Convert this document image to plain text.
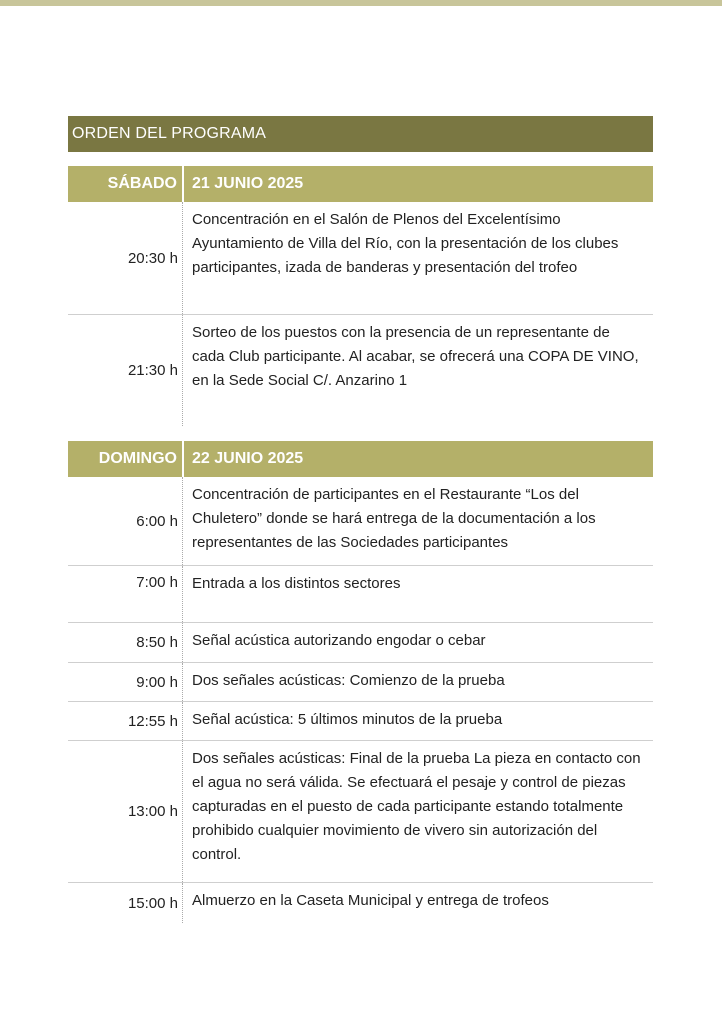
ORDEN DEL PROGRAMA
SÁBADO 21 JUNIO 2025
20:30 h
Concentración en el Salón de Plenos del Excelentísimo Ayuntamiento de Villa del Río, con la presentación de los clubes participantes, izada de banderas y presentación del trofeo
21:30 h
Sorteo de los puestos con la presencia de un representante de cada Club participante. Al acabar, se ofrecerá una COPA DE VINO, en la Sede Social C/. Anzarino 1
DOMINGO 22 JUNIO 2025
6:00 h
Concentración de participantes en el Restaurante “Los del Chuletero” donde se hará entrega de la documentación a los representantes de las Sociedades participantes
7:00 h Entrada a los distintos sectores
8:50 h Señal acústica autorizando engodar o cebar
9:00 h Dos señales acústicas: Comienzo de la prueba
12:55 h Señal acústica: 5 últimos minutos de la prueba
13:00 h
Dos señales acústicas: Final de la prueba La pieza en contacto con el agua no será válida. Se efectuará el pesaje y control de piezas capturadas en el puesto de cada participante estando totalmente prohibido cualquier movimiento de vivero sin autorización del control.
15:00 h Almuerzo en la Caseta Municipal y entrega de trofeos
